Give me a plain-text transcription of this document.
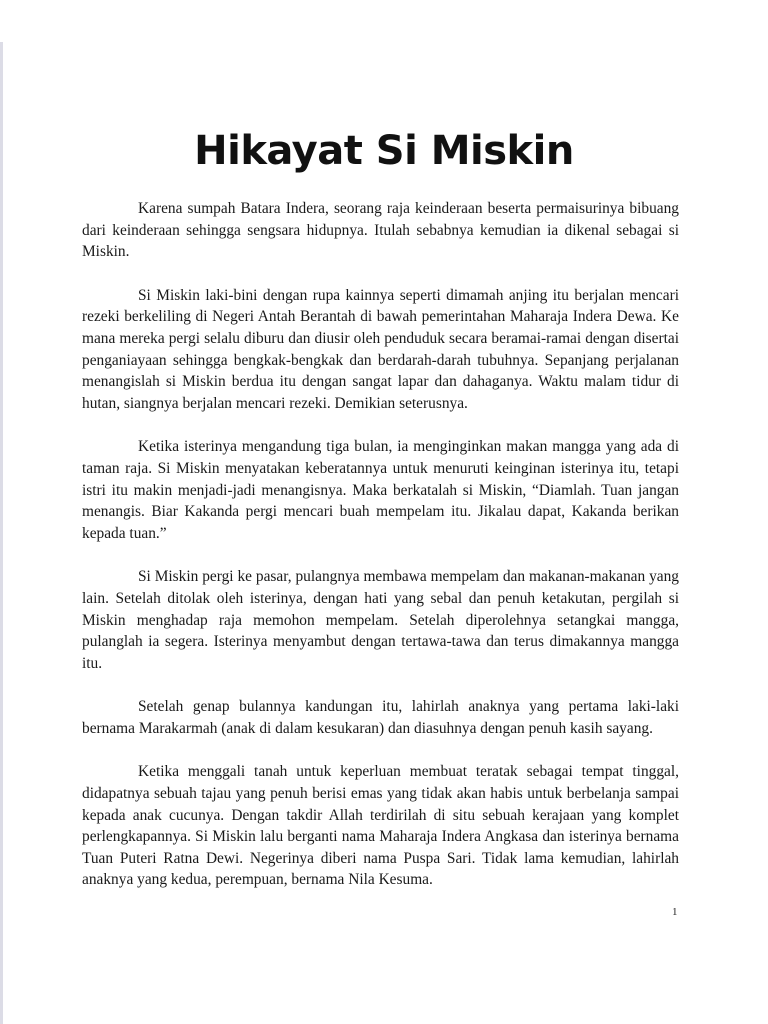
Hikayat Si Miskin

Karena sumpah Batara Indera, seorang raja keinderaan beserta permaisurinya bibuang dari keinderaan sehingga sengsara hidupnya. Itulah sebabnya kemudian ia dikenal sebagai si Miskin.

Si Miskin laki-bini dengan rupa kainnya seperti dimamah anjing itu berjalan mencari rezeki berkeliling di Negeri Antah Berantah di bawah pemerintahan Maharaja Indera Dewa. Ke mana mereka pergi selalu diburu dan diusir oleh penduduk secara beramai-ramai dengan disertai penganiayaan sehingga bengkak-bengkak dan berdarah-darah tubuhnya. Sepanjang perjalanan menangislah si Miskin berdua itu dengan sangat lapar dan dahaganya. Waktu malam tidur di hutan, siangnya berjalan mencari rezeki. Demikian seterusnya.

Ketika isterinya mengandung tiga bulan, ia menginginkan makan mangga yang ada di taman raja. Si Miskin menyatakan keberatannya untuk menuruti keinginan isterinya itu, tetapi istri itu makin menjadi-jadi menangisnya. Maka berkatalah si Miskin, “Diamlah. Tuan jangan menangis. Biar Kakanda pergi mencari buah mempelam itu. Jikalau dapat, Kakanda berikan kepada tuan.”

Si Miskin pergi ke pasar, pulangnya membawa mempelam dan makanan-makanan yang lain. Setelah ditolak oleh isterinya, dengan hati yang sebal dan penuh ketakutan, pergilah si Miskin menghadap raja memohon mempelam. Setelah diperolehnya setangkai mangga, pulanglah ia segera. Isterinya menyambut dengan tertawa-tawa dan terus dimakannya mangga itu.

Setelah genap bulannya kandungan itu, lahirlah anaknya yang pertama laki-laki bernama Marakarmah (anak di dalam kesukaran) dan diasuhnya dengan penuh kasih sayang.

Ketika menggali tanah untuk keperluan membuat teratak sebagai tempat tinggal, didapatnya sebuah tajau yang penuh berisi emas yang tidak akan habis untuk berbelanja sampai kepada anak cucunya. Dengan takdir Allah terdirilah di situ sebuah kerajaan yang komplet perlengkapannya. Si Miskin lalu berganti nama Maharaja Indera Angkasa dan isterinya bernama Tuan Puteri Ratna Dewi. Negerinya diberi nama Puspa Sari. Tidak lama kemudian, lahirlah anaknya yang kedua, perempuan, bernama Nila Kesuma.

1
